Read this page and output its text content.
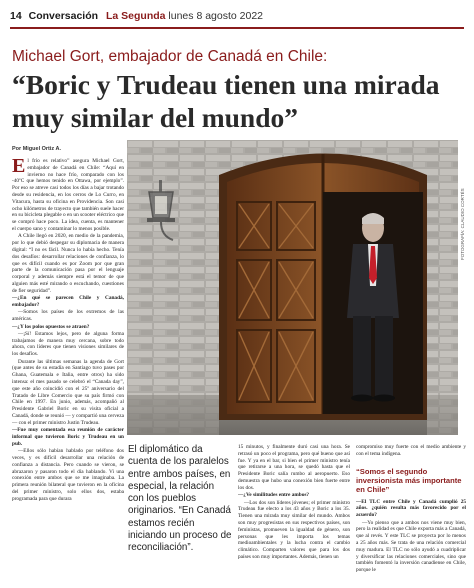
14 Conversación La Segunda lunes 8 agosto 2022
Michael Gort, embajador de Canadá en Chile:
“Boric y Trudeau tienen una mirada muy similar del mundo”
Por Miguel Ortiz A.

El frío es relativo” asegura Michael Gort, embajador de Canadá en Chile: “Aquí en invierno no hace frío, comparado con los -40ºC que hemos tenido en Ottawa, por ejemplo”. Por eso se atreve casi todos los días a bajar trotando desde su residencia, en los cerros de Lo Curro, en Vitacura, hasta su oficina en Providencia. Son casi ocho kilómetros de trayecto que también suele hacer en su bicicleta plegable o en un scooter eléctrico que se compró hace poco. La idea, cuenta, es mantener el cuerpo sano y contaminar lo menos posible.

A Chile llegó en 2020, en medio de la pandemia, por lo que debió despegar su diplomacia de manera digital: “I no es fácil. Nunca lo había hecho. Tenía dos desafíos: desarrollar relaciones de confianza, lo que es difícil cuando es por Zoom por que gran parte de la comunicación pasa por el lenguaje corporal y además siempre está el temor de que alguien más esté mirando o escuchando, cuestiones de fier seguridad”.

—¿En qué se parecen Chile y Canadá, embajador?

—Somos los países de los extremos de las américas.

—¿Y los polos opuestos se atraen?

—¡Sí! Estamos lejos, pero de alguna forma trabajamos de manera muy cercana, sobre todo ahora, con líderes que tienen visiones similares de los desafíos.

Durante las últimas semanas la agenda de Gort (que antes de su estadía en Santiago tuvo pases por Ghana, Guatemala e Italia, entre otros) ha sido intensa: el mes pasado se celebró el “Canada day”, que este año coincidió con el 25º aniversario del Tratado de Libre Comercio que su país firmó con Chile en 1997. En junio, además, acompañó al Presidente Gabriel Boric en su visita oficial a Canadá, donde se reunió — y compartió una cerveza— con el primer ministro Justin Trudeau.

—Fue muy comentada esa reunión de carácter informal que tuvieron Boric y Trudeau en un pub.

—Ellos sólo habían hablado por teléfono dos veces, y es difícil desarrollar una relación de confianza a distancia. Pero cuando se vieron, se abrazaron y pasaron todo el día hablando. Vi una conexión entre ambos que se me imaginaba. La primera reunión bilateral que tuvieron en la oficina del primer ministro, solo ellos dos, estaba programada para que durara

FOTOGRAFÍA: CLAUDIO CORTÉS
El diplomático da cuenta de los paralelos entre ambos países, en especial, la relación con los pueblos originarios. “En Canadá estamos recién iniciando un proceso de reconciliación”.

15 minutos, y finalmente duró casi una hora. Se retrasó un poco el programa, pero qué bueno que así fue. Y ya en el bar, si bien el primer ministro tenía que retirarse a una hora, se quedó hasta que el Presidente Boric salía rumbo al aeropuerto. Eso demuestra que hubo una conexión bien fuerte entre los dos.

—¿Ve similitudes entre ambos?

—Los dos son líderes jóvenes; el primer ministro Trudeau fue electo a los 43 años y Boric a los 35. Tienen una mirada muy similar del mundo. Ambos son muy progresistas en sus respectivos países, son feministas, promueven la igualdad de género, son personas que les importa los temas medioambientales y la lucha contra el cambio climático. Comparten valores que para los dos países son muy importantes. Además, tienen un

compromiso muy fuerte con el medio ambiente y con el tema indígena.

“Somos el segundo inversionista más importante en Chile”

—El TLC entre Chile y Canadá cumplió 25 años. ¿quién resulta más favorecido por el acuerdo?

—Yo pienso que a ambos nos viene muy bien, pero la realidad es que Chile exporta más a Canadá, que al revés. Y este TLC se proyecta por lo menos a 25 años más. Se trata de una relación comercial muy madura. El TLC no sólo ayudó a cuadriplicar y diversificar las relaciones comerciales, sino que también fomentó la inversión canadiense en Chile, porque le
